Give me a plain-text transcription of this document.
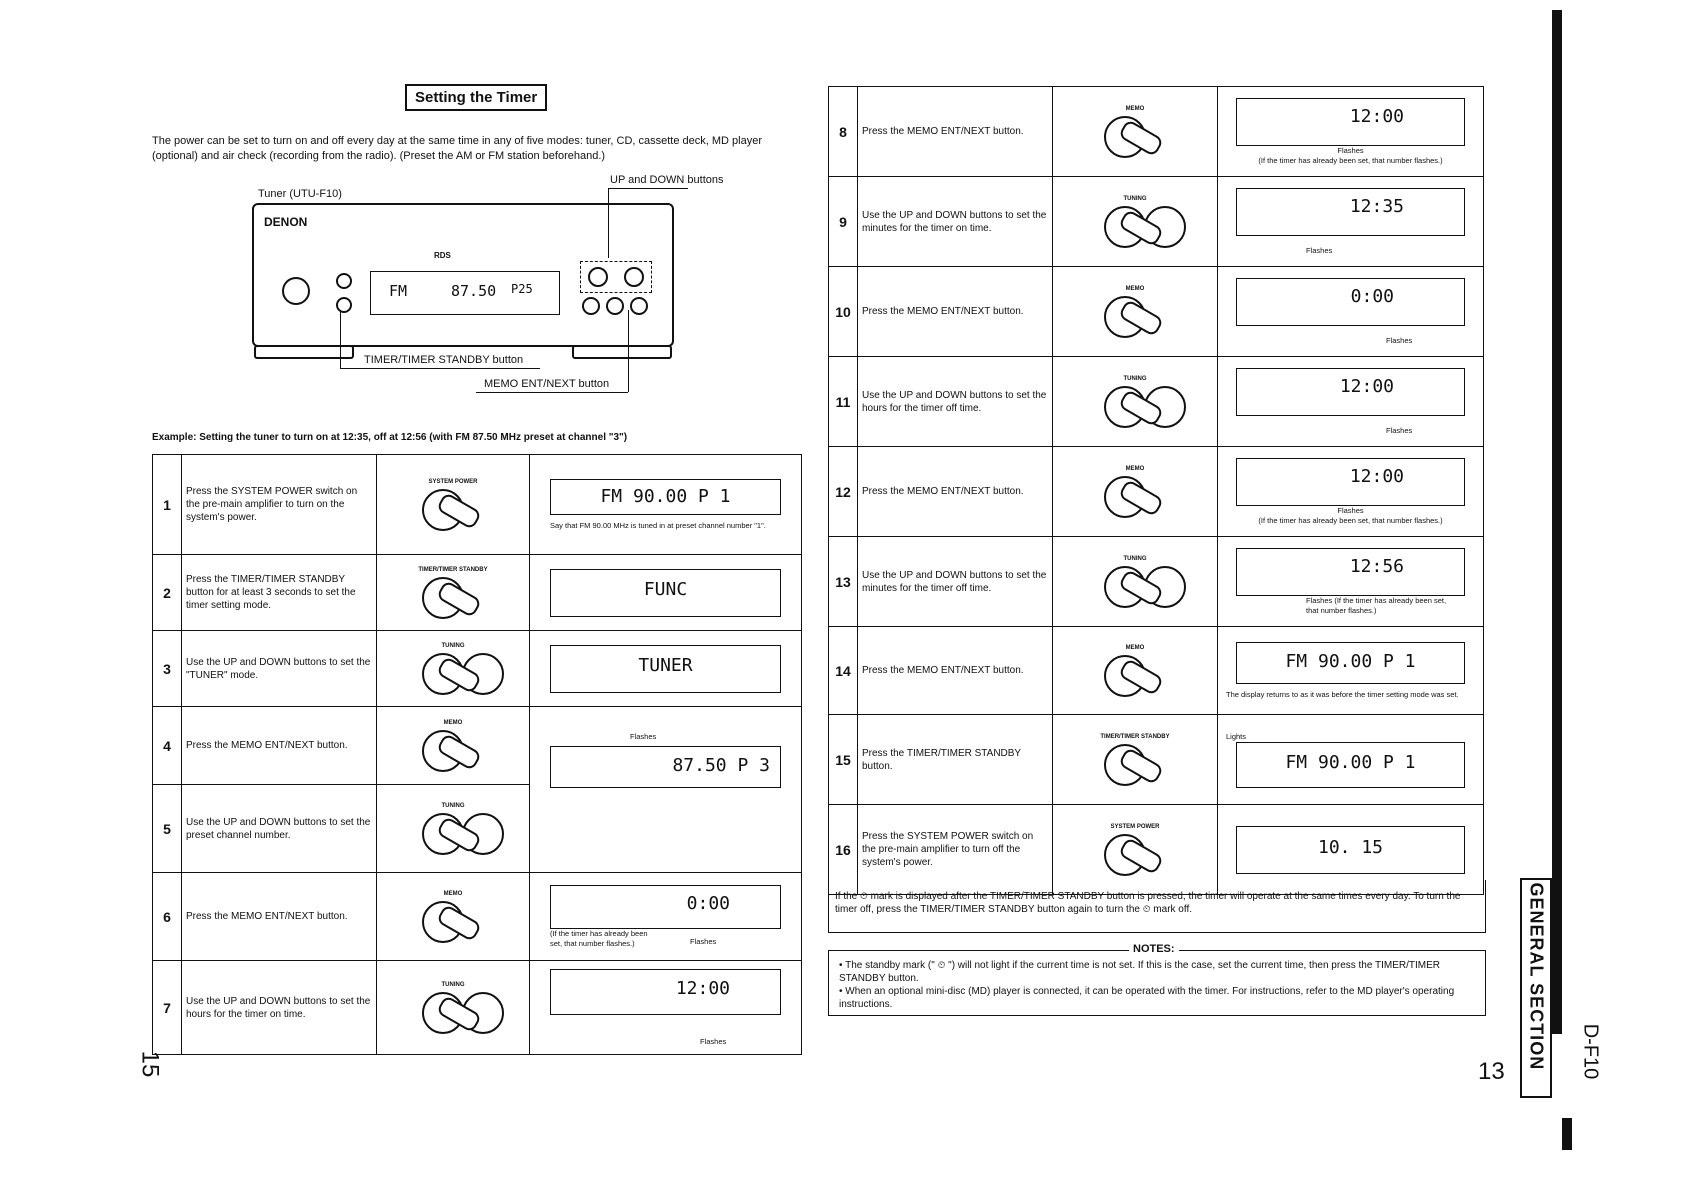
Setting the Timer
The power can be set to turn on and off every day at the same time in any of five modes: tuner, CD, cassette deck, MD player (optional) and air check (recording from the radio). (Preset the AM or FM station beforehand.)
Tuner (UTU-F10)
UP and DOWN buttons
DENON
RDS
FM	87.50 P25
TIMER/TIMER STANDBY button
MEMO ENT/NEXT button
Example: Setting the tuner to turn on at 12:35, off at 12:56 (with FM 87.50 MHz preset at channel "3")
1	Press the SYSTEM POWER switch on the pre-main amplifier to turn on the system's power.	SYSTEM POWER	FM 90.00 P 1
Say that FM 90.00 MHz is tuned in at preset channel number "1".

2	Press the TIMER/TIMER STANDBY button for at least 3 seconds to set the timer setting mode.	TIMER/TIMER STANDBY	FUNC

3	Use the UP and DOWN buttons to set the "TUNER" mode.	TUNING	TUNER

4	Press the MEMO ENT/NEXT button.	MEMO	Flashes
87.50 P 3

5	Use the UP and DOWN buttons to set the preset channel number.	TUNING	

6	Press the MEMO ENT/NEXT button.	MEMO	0:00
(If the timer has already been set, that number flashes.) Flashes

7	Use the UP and DOWN buttons to set the hours for the timer on time.	TUNING	12:00
Flashes
8	Press the MEMO ENT/NEXT button.	MEMO	12:00
Flashes
(If the timer has already been set, that number flashes.)

9	Use the UP and DOWN buttons to set the minutes for the timer on time.	TUNING	12:35
Flashes

10	Press the MEMO ENT/NEXT button.	MEMO	0:00
Flashes

11	Use the UP and DOWN buttons to set the hours for the timer off time.	TUNING	12:00
Flashes

12	Press the MEMO ENT/NEXT button.	MEMO	12:00
Flashes
(If the timer has already been set, that number flashes.)

13	Use the UP and DOWN buttons to set the minutes for the timer off time.	TUNING	12:56
Flashes (If the timer has already been set, that number flashes.)

14	Press the MEMO ENT/NEXT button.	MEMO	FM 90.00 P 1
The display returns to as it was before the timer setting mode was set.

15	Press the TIMER/TIMER STANDBY button.	TIMER/TIMER STANDBY	Lights
FM 90.00 P 1

16	Press the SYSTEM POWER switch on the pre-main amplifier to turn off the system's power.	SYSTEM POWER	10. 15
If the ⏲ mark is displayed after the TIMER/TIMER STANDBY button is pressed, the timer will operate at the same times every day. To turn the timer off, press the TIMER/TIMER STANDBY button again to turn the ⏲ mark off.
NOTES:
• The standby mark (" ⏲ ") will not light if the current time is not set. If this is the case, set the current time, then press the TIMER/TIMER STANDBY button.
• When an optional mini-disc (MD) player is connected, it can be operated with the timer. For instructions, refer to the MD player's operating instructions.
15	13
GENERAL SECTION D-F10
